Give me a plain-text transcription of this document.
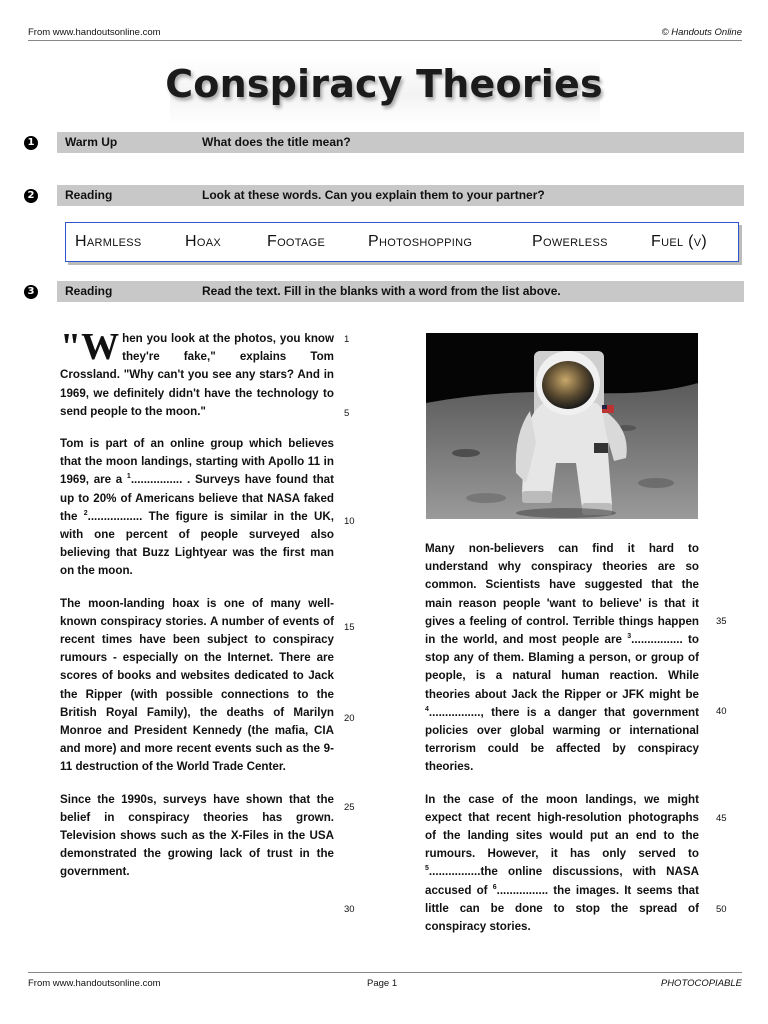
From www.handoutsonline.com	© Handouts Online
Conspiracy Theories
1	Warm Up	What does the title mean?
2	Reading	Look at these words. Can you explain them to your partner?
Harmless	Hoax	Footage	Photoshopping	Powerless	Fuel (v)
3	Reading	Read the text. Fill in the blanks with a word from the list above.

"When you look at the photos, you know they're fake," explains Tom Crossland. "Why can't you see any stars? And in 1969, we definitely didn't have the technology to send people to the moon."

Tom is part of an online group which believes that the moon landings, starting with Apollo 11 in 1969, are a $^1$................ . Surveys have found that up to 20% of Americans believe that NASA faked the $^2$................. The figure is similar in the UK, with one percent of people surveyed also believing that Buzz Lightyear was the first man on the moon.

The moon-landing hoax is one of many well-known conspiracy stories. A number of events of recent times have been subject to conspiracy rumours - especially on the Internet. There are scores of books and websites dedicated to Jack the Ripper (with possible connections to the British Royal Family), the deaths of Marilyn Monroe and President Kennedy (the mafia, CIA and more) and more recent events such as the 9-11 destruction of the World Trade Center.

Since the 1990s, surveys have shown that the belief in conspiracy theories has grown. Television shows such as the X-Files in the USA demonstrated the growing lack of trust in the government.

1
5
10
15
20
25
30
35
40
45
50

Many non-believers can find it hard to understand why conspiracy theories are so common. Scientists have suggested that the main reason people 'want to believe' is that it gives a feeling of control. Terrible things happen in the world, and most people are $^3$................ to stop any of them. Blaming a person, or group of people, is a natural human reaction. While theories about Jack the Ripper or JFK might be $^4$................, there is a danger that government policies over global warming or international terrorism could be affected by conspiracy theories.

In the case of the moon landings, we might expect that recent high-resolution photographs of the landing sites would put an end to the rumours. However, it has only served to $^5$................the online discussions, with NASA accused of $^6$................ the images. It seems that little can be done to stop the spread of conspiracy stories.

From www.handoutsonline.com	Page 1	PHOTOCOPIABLE
